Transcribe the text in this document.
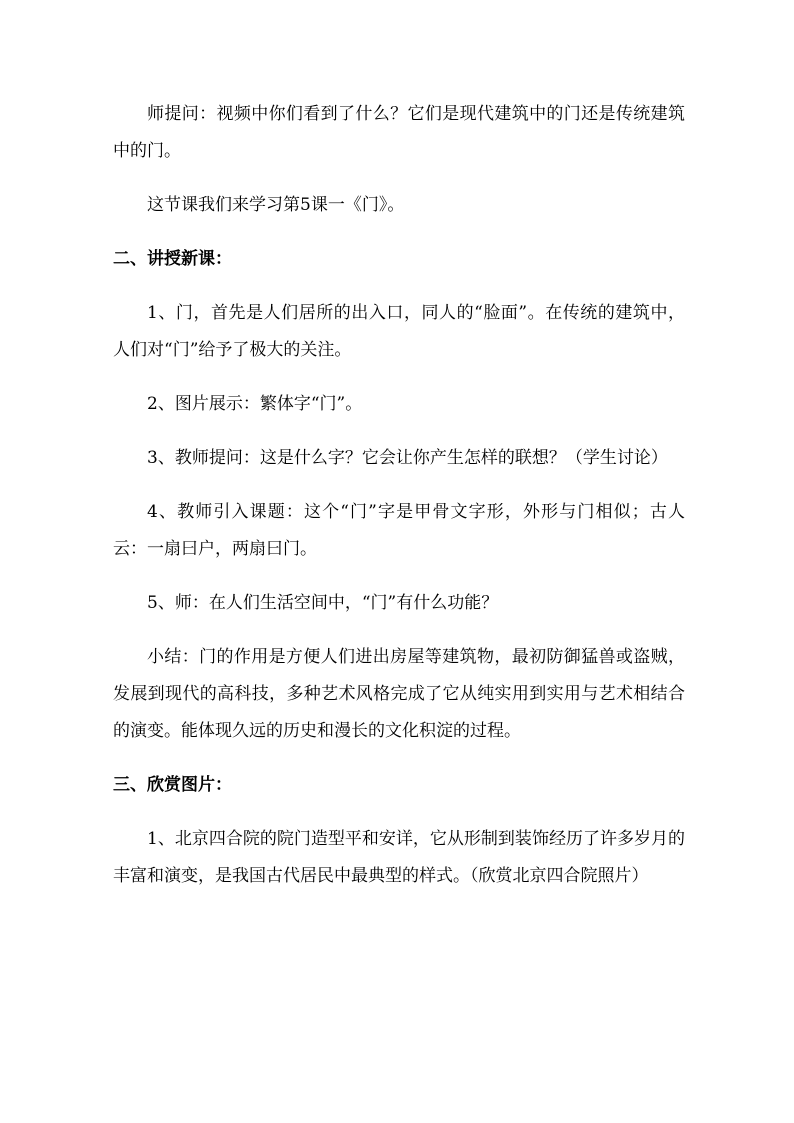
师提问：视频中你们看到了什么？它们是现代建筑中的门还是传统建筑中的门。

这节课我们来学习第5课一《门》。

二、讲授新课：

1、门，首先是人们居所的出入口，同人的“脸面”。在传统的建筑中，人们对“门”给予了极大的关注。

2、图片展示：繁体字“门”。

3、教师提问：这是什么字？它会让你产生怎样的联想？（学生讨论）

4、教师引入课题：这个“门”字是甲骨文字形，外形与门相似；古人云：一扇曰户，两扇曰门。

5、师：在人们生活空间中，“门”有什么功能？

小结：门的作用是方便人们进出房屋等建筑物，最初防御猛兽或盗贼，发展到现代的高科技，多种艺术风格完成了它从纯实用到实用与艺术相结合的演变。能体现久远的历史和漫长的文化积淀的过程。

三、欣赏图片：

1、北京四合院的院门造型平和安详，它从形制到装饰经历了许多岁月的丰富和演变，是我国古代居民中最典型的样式。（欣赏北京四合院照片）
